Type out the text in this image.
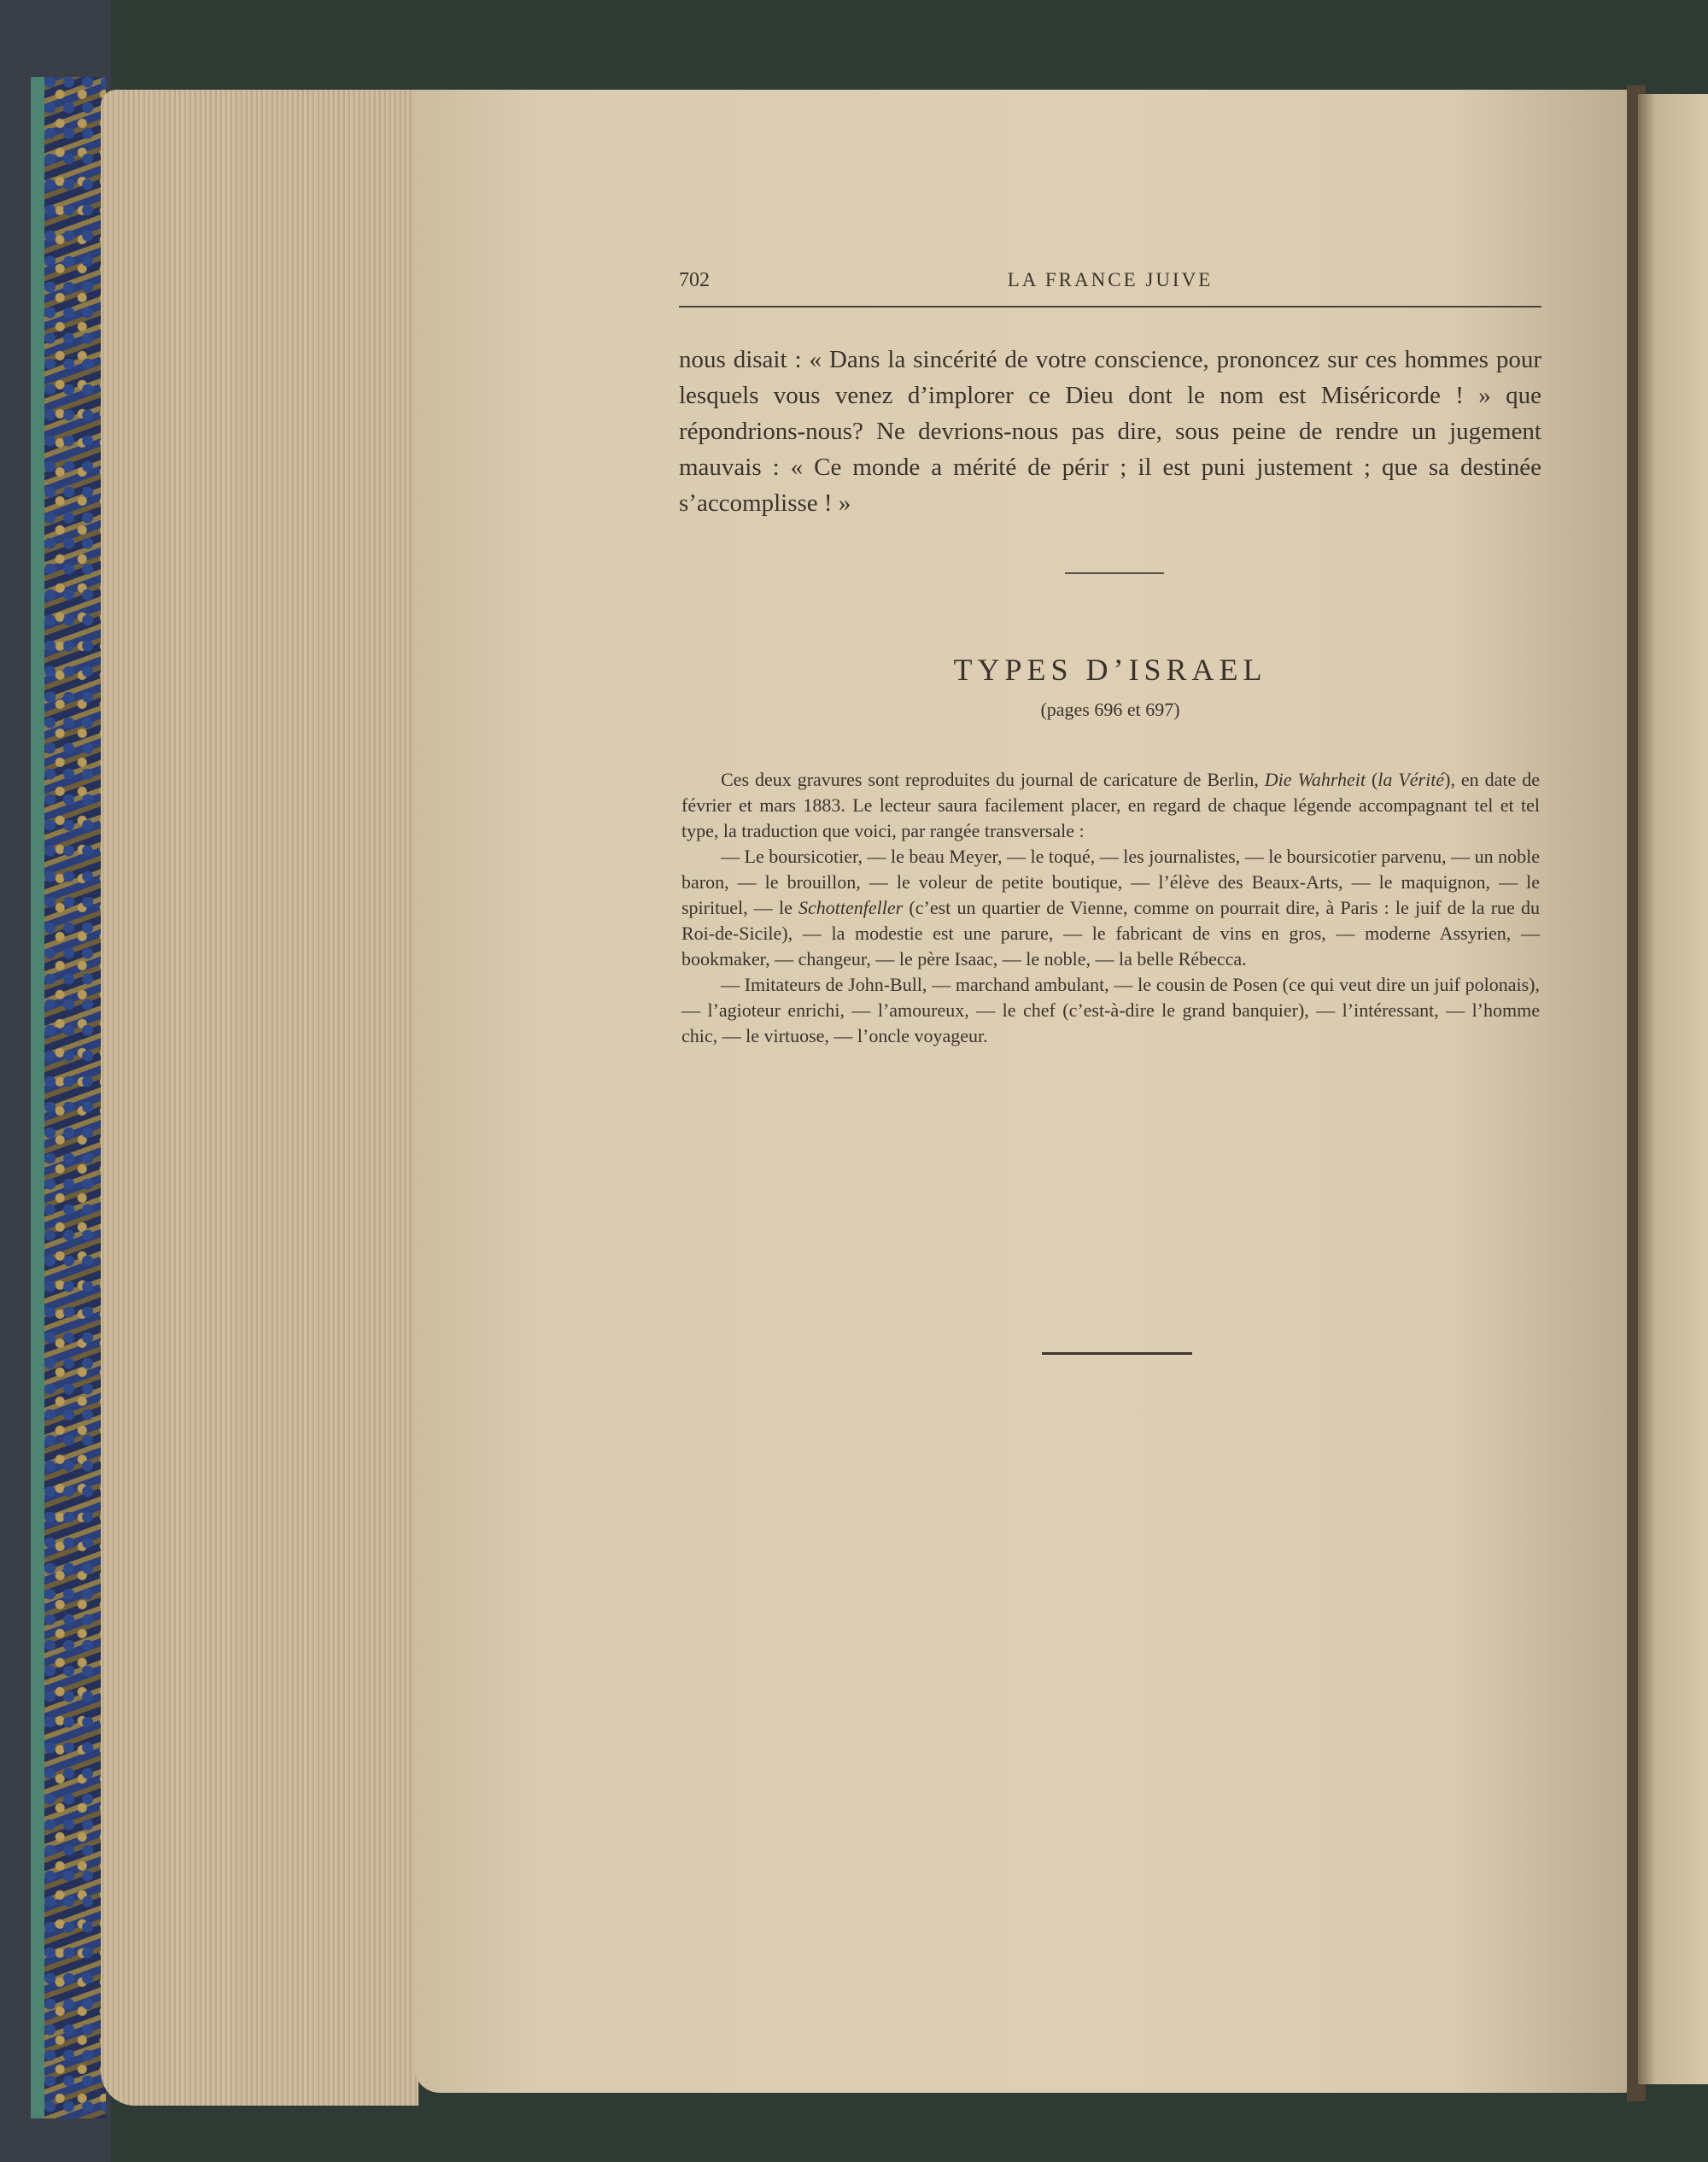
702	LA FRANCE JUIVE

nous disait : « Dans la sincérité de votre conscience, prononcez sur ces hommes pour lesquels vous venez d’implorer ce Dieu dont le nom est Miséricorde ! » que répondrions-nous? Ne devrions-nous pas dire, sous peine de rendre un jugement mauvais : « Ce monde a mérité de périr ; il est puni justement ; que sa destinée s’accomplisse ! »

TYPES D’ISRAEL
(pages 696 et 697)

Ces deux gravures sont reproduites du journal de caricature de Berlin, Die Wahrheit (la Vérité), en date de février et mars 1883. Le lecteur saura facilement placer, en regard de chaque légende accompagnant tel et tel type, la traduction que voici, par rangée transversale :

— Le boursicotier, — le beau Meyer, — le toqué, — les journalistes, — le boursicotier parvenu, — un noble baron, — le brouillon, — le voleur de petite boutique, — l’élève des Beaux-Arts, — le maquignon, — le spirituel, — le Schottenfeller (c’est un quartier de Vienne, comme on pourrait dire, à Paris : le juif de la rue du Roi-de-Sicile), — la modestie est une parure, — le fabricant de vins en gros, — moderne Assyrien, — bookmaker, — changeur, — le père Isaac, — le noble, — la belle Rébecca.

— Imitateurs de John-Bull, — marchand ambulant, — le cousin de Posen (ce qui veut dire un juif polonais), — l’agioteur enrichi, — l’amoureux, — le chef (c’est-à-dire le grand banquier), — l’intéressant, — l’homme chic, — le virtuose, — l’oncle voyageur.
